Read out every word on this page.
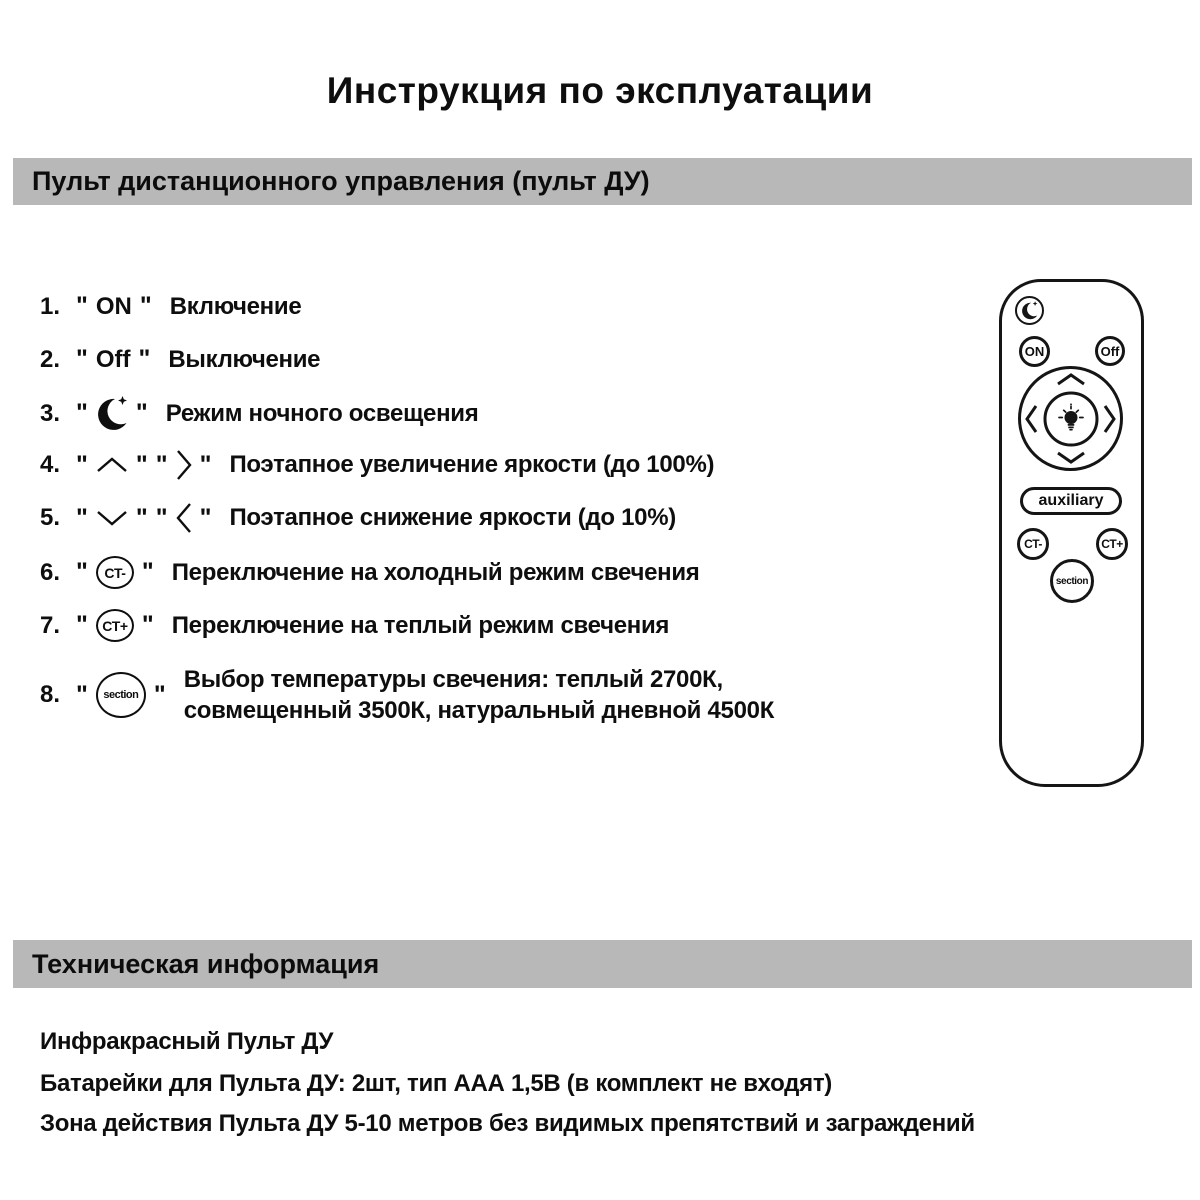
Инструкция по эксплуатации
Пульт дистанционного управления (пульт ДУ)
1. " ON " Включение
2. " Off " Выключение
3. " " Режим ночного освещения
4. " " " " Поэтапное увеличение яркости (до 100%)
5. " " " " Поэтапное снижение яркости (до 10%)
6. "	CT- " Переключение на холодный режим свечения
7. "	CT+ " Переключение на теплый режим свечения
8. "	section "
Выбор температуры свечения: теплый 2700К,
совмещенный 3500К, натуральный дневной 4500К
ON	Off
auxiliary
CT-	CT+
section
Техническая информация
Инфракрасный Пульт ДУ
Батарейки для Пульта ДУ: 2шт, тип ААА 1,5В (в комплект не входят)
Зона действия Пульта ДУ 5-10 метров без видимых препятствий и заграждений
